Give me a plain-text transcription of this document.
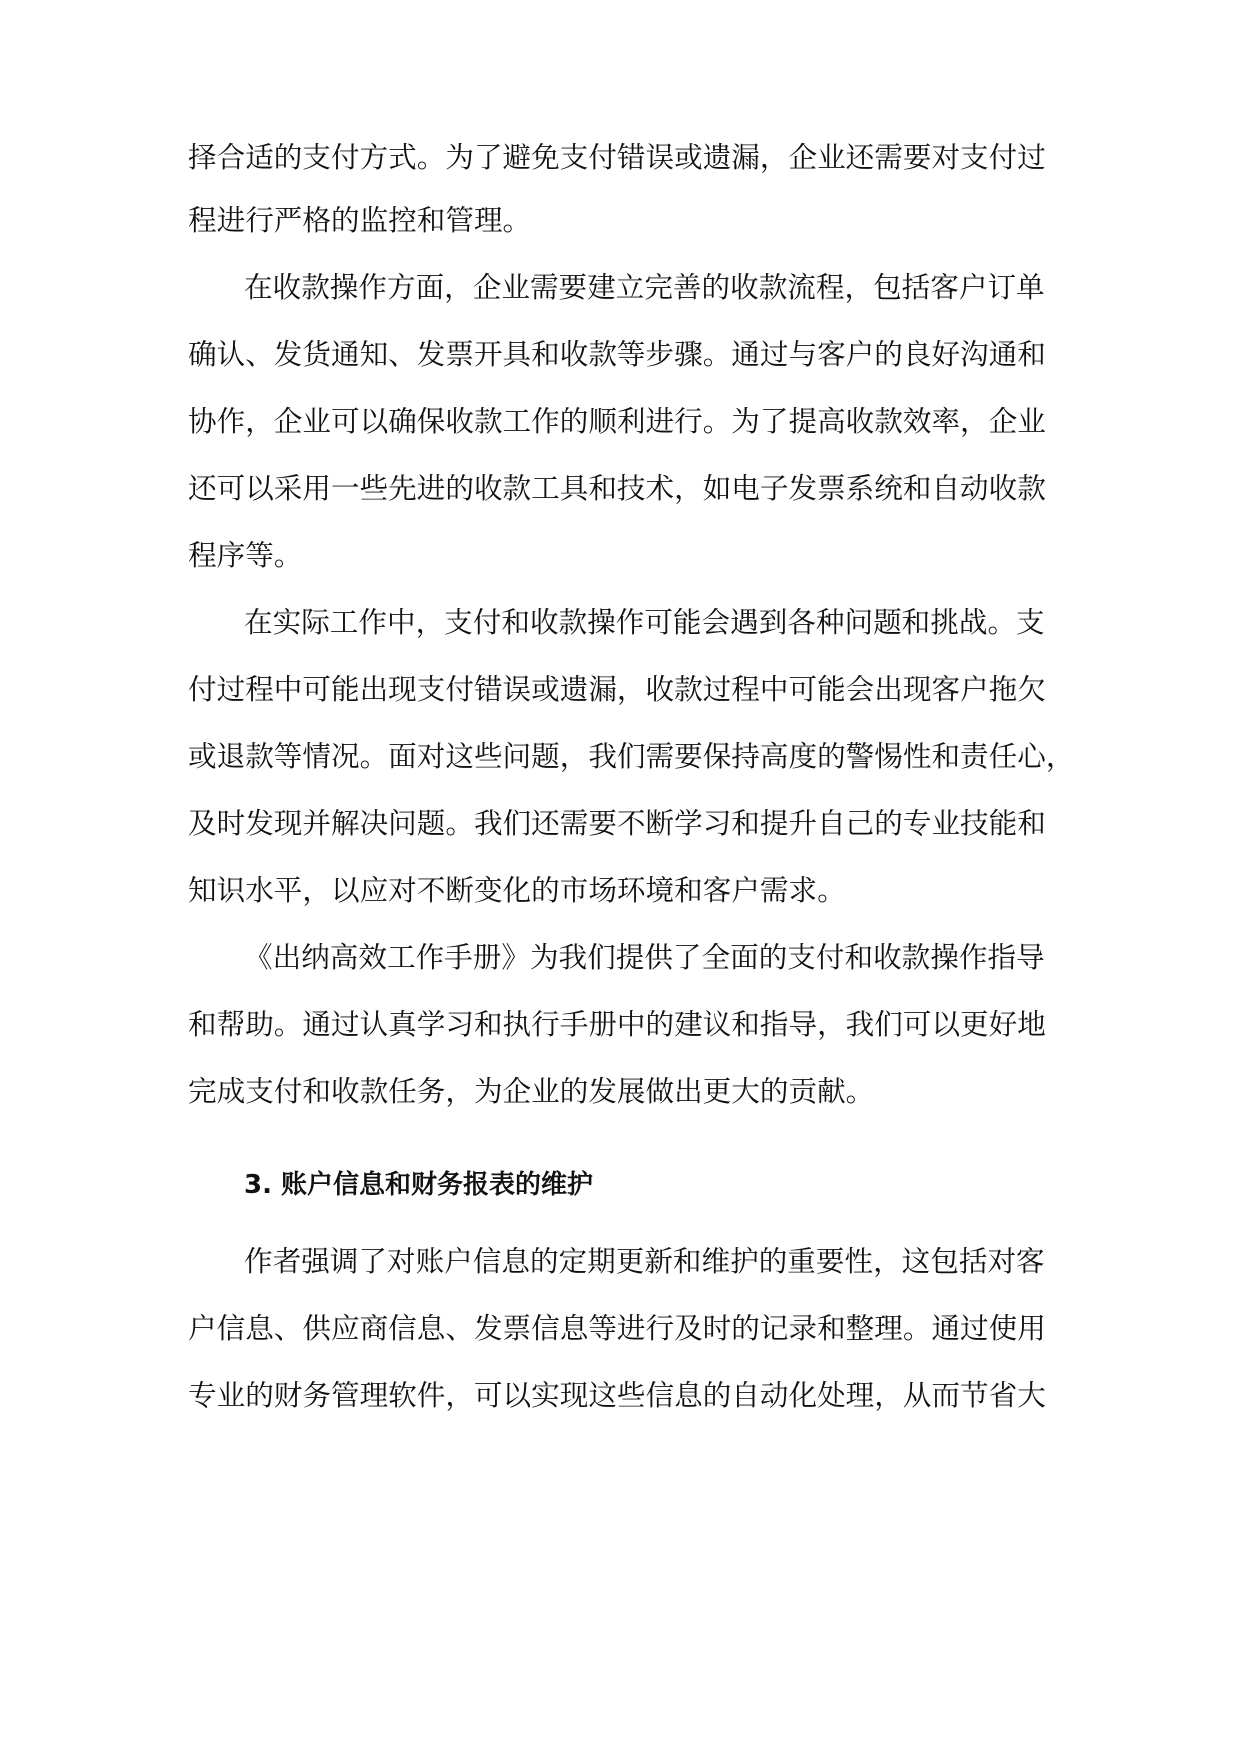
择合适的支付方式。为了避免支付错误或遗漏，企业还需要对支付过
程进行严格的监控和管理。
在收款操作方面，企业需要建立完善的收款流程，包括客户订单
确认、发货通知、发票开具和收款等步骤。通过与客户的良好沟通和
协作，企业可以确保收款工作的顺利进行。为了提高收款效率，企业
还可以采用一些先进的收款工具和技术，如电子发票系统和自动收款
程序等。
在实际工作中，支付和收款操作可能会遇到各种问题和挑战。支
付过程中可能出现支付错误或遗漏，收款过程中可能会出现客户拖欠
或退款等情况。面对这些问题，我们需要保持高度的警惕性和责任心，
及时发现并解决问题。我们还需要不断学习和提升自己的专业技能和
知识水平，以应对不断变化的市场环境和客户需求。
《出纳高效工作手册》为我们提供了全面的支付和收款操作指导
和帮助。通过认真学习和执行手册中的建议和指导，我们可以更好地
完成支付和收款任务，为企业的发展做出更大的贡献。
3. 账户信息和财务报表的维护
作者强调了对账户信息的定期更新和维护的重要性，这包括对客
户信息、供应商信息、发票信息等进行及时的记录和整理。通过使用
专业的财务管理软件，可以实现这些信息的自动化处理，从而节省大
